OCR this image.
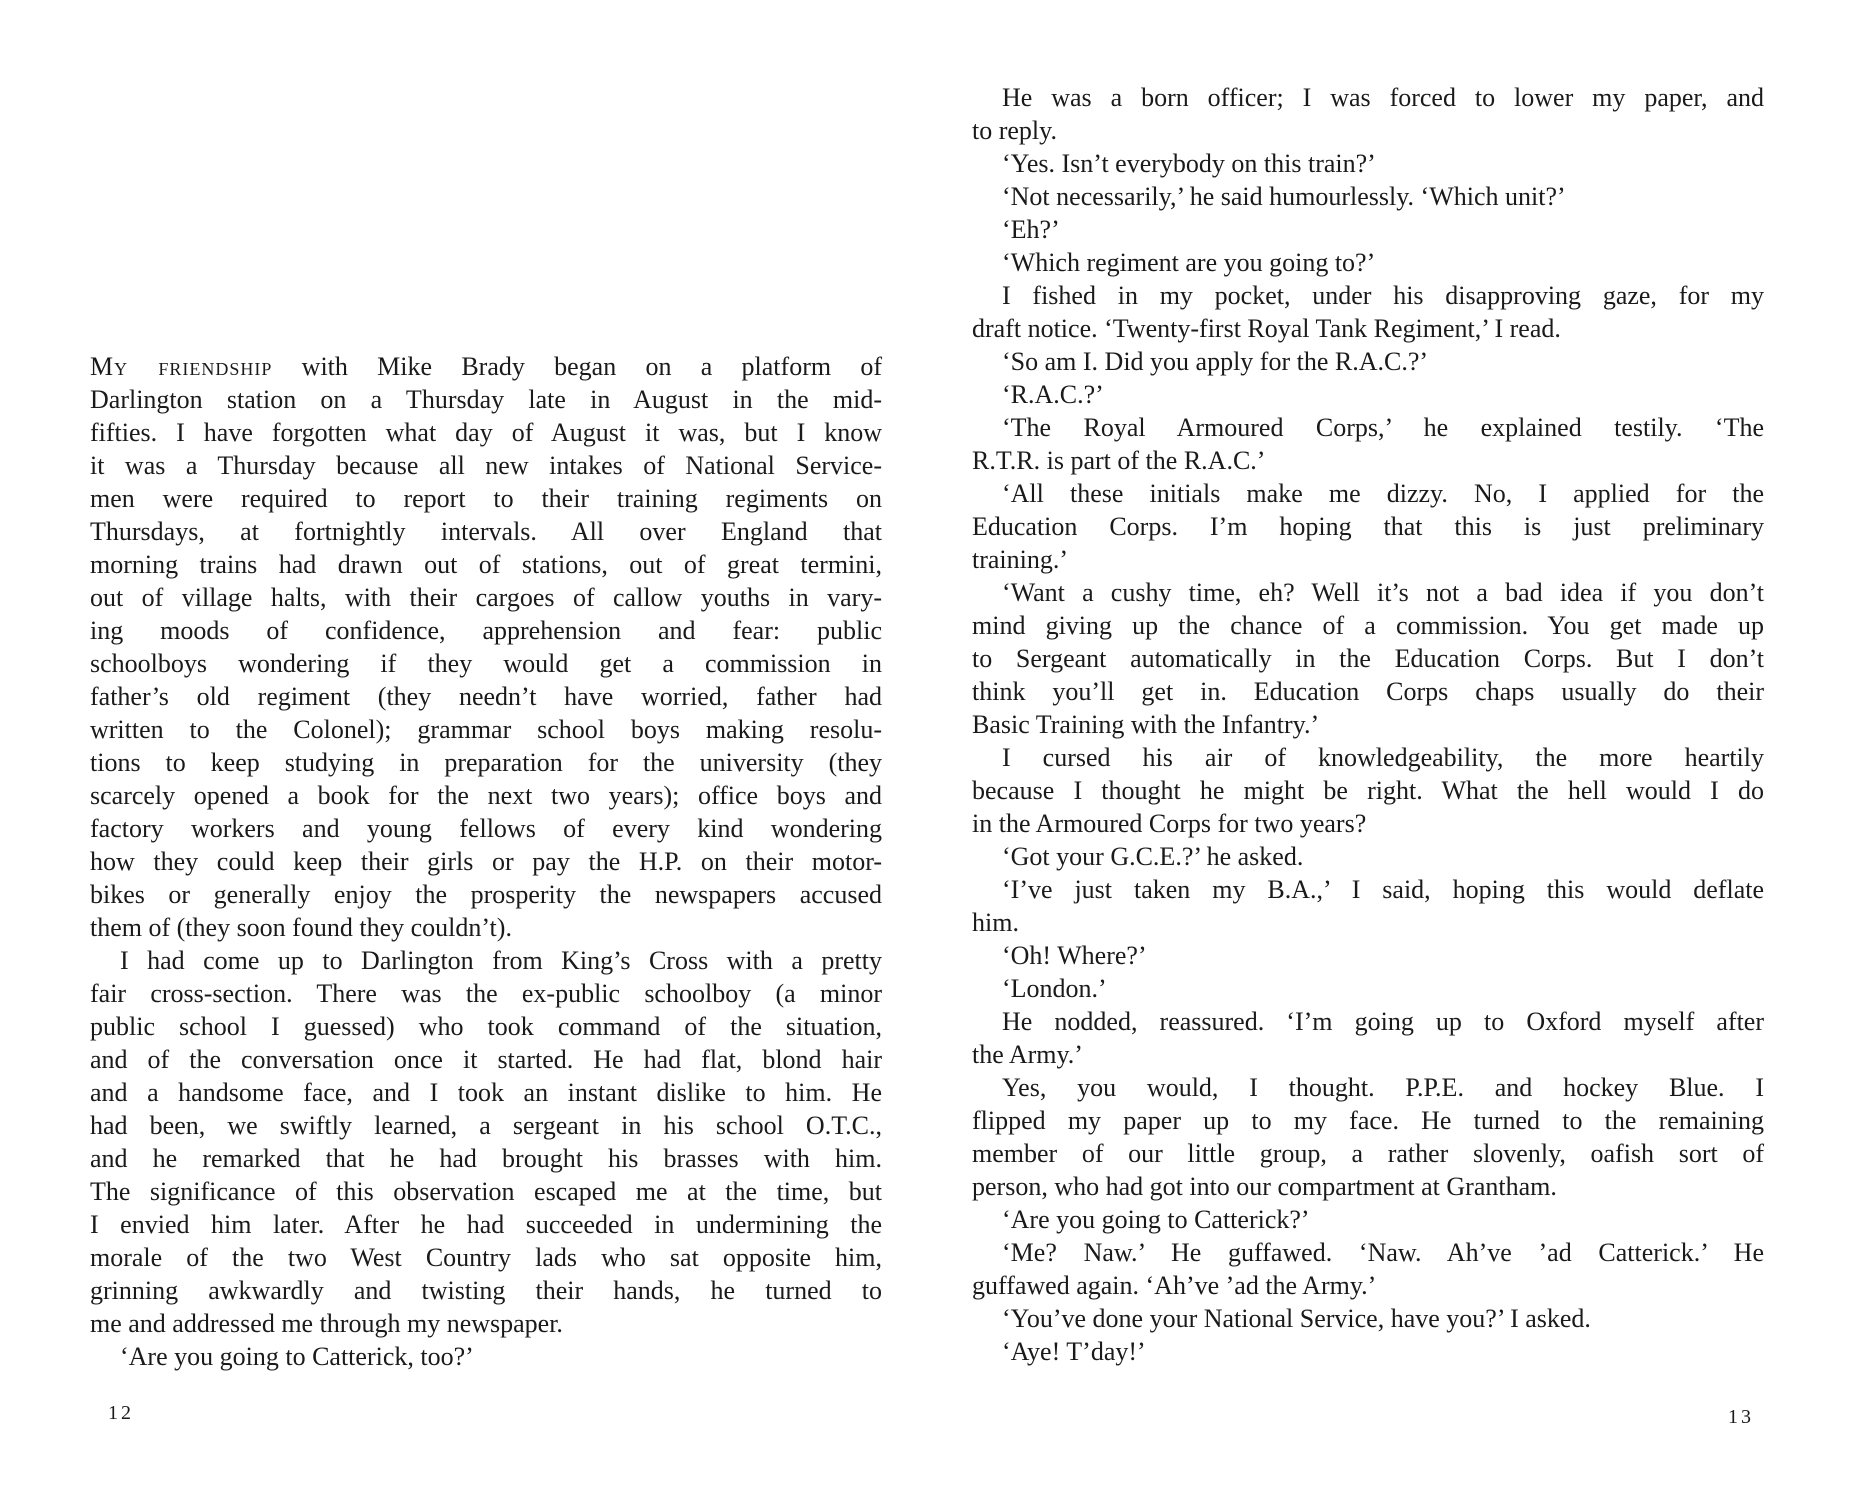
My friendship with Mike Brady began on a platform of
Darlington station on a Thursday late in August in the mid-
fifties. I have forgotten what day of August it was, but I know
it was a Thursday because all new intakes of National Service-
men were required to report to their training regiments on
Thursdays, at fortnightly intervals. All over England that
morning trains had drawn out of stations, out of great termini,
out of village halts, with their cargoes of callow youths in vary-
ing moods of confidence, apprehension and fear: public
schoolboys wondering if they would get a commission in
father’s old regiment (they needn’t have worried, father had
written to the Colonel); grammar school boys making resolu-
tions to keep studying in preparation for the university (they
scarcely opened a book for the next two years); office boys and
factory workers and young fellows of every kind wondering
how they could keep their girls or pay the H.P. on their motor-
bikes or generally enjoy the prosperity the newspapers accused
them of (they soon found they couldn’t).
I had come up to Darlington from King’s Cross with a pretty
fair cross-section. There was the ex-public schoolboy (a minor
public school I guessed) who took command of the situation,
and of the conversation once it started. He had flat, blond hair
and a handsome face, and I took an instant dislike to him. He
had been, we swiftly learned, a sergeant in his school O.T.C.,
and he remarked that he had brought his brasses with him.
The significance of this observation escaped me at the time, but
I envied him later. After he had succeeded in undermining the
morale of the two West Country lads who sat opposite him,
grinning awkwardly and twisting their hands, he turned to
me and addressed me through my newspaper.
‘Are you going to Catterick, too?’
He was a born officer; I was forced to lower my paper, and
to reply.
‘Yes. Isn’t everybody on this train?’
‘Not necessarily,’ he said humourlessly. ‘Which unit?’
‘Eh?’
‘Which regiment are you going to?’
I fished in my pocket, under his disapproving gaze, for my
draft notice. ‘Twenty-first Royal Tank Regiment,’ I read.
‘So am I. Did you apply for the R.A.C.?’
‘R.A.C.?’
‘The Royal Armoured Corps,’ he explained testily. ‘The
R.T.R. is part of the R.A.C.’
‘All these initials make me dizzy. No, I applied for the
Education Corps. I’m hoping that this is just preliminary
training.’
‘Want a cushy time, eh? Well it’s not a bad idea if you don’t
mind giving up the chance of a commission. You get made up
to Sergeant automatically in the Education Corps. But I don’t
think you’ll get in. Education Corps chaps usually do their
Basic Training with the Infantry.’
I cursed his air of knowledgeability, the more heartily
because I thought he might be right. What the hell would I do
in the Armoured Corps for two years?
‘Got your G.C.E.?’ he asked.
‘I’ve just taken my B.A.,’ I said, hoping this would deflate
him.
‘Oh! Where?’
‘London.’
He nodded, reassured. ‘I’m going up to Oxford myself after
the Army.’
Yes, you would, I thought. P.P.E. and hockey Blue. I
flipped my paper up to my face. He turned to the remaining
member of our little group, a rather slovenly, oafish sort of
person, who had got into our compartment at Grantham.
‘Are you going to Catterick?’
‘Me? Naw.’ He guffawed. ‘Naw. Ah’ve ’ad Catterick.’ He
guffawed again. ‘Ah’ve ’ad the Army.’
‘You’ve done your National Service, have you?’ I asked.
‘Aye! T’day!’
12	13
